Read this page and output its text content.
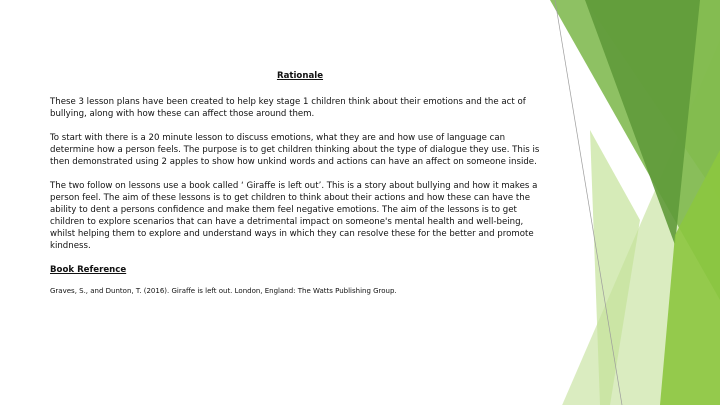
Rationale

These 3 lesson plans have been created to help key stage 1 children think about their emotions and the act of bullying, along with how these can affect those around them.

To start with there is a 20 minute lesson to discuss emotions, what they are and how use of language can determine how a person feels. The purpose is to get children thinking about the type of dialogue they use. This is then demonstrated using 2 apples to show how unkind words and actions can have an affect on someone inside.

The two follow on lessons use a book called ‘ Giraffe is left out’. This is a story about bullying and how it makes a person feel. The aim of these lessons is to get children to think about their actions and how these can have the ability to dent a persons confidence and make them feel negative emotions. The aim of the lessons is to get children to explore scenarios that can have a detrimental impact on someone's mental health and well-being, whilst helping them to explore and understand ways in which they can resolve these for the better and promote kindness.

Book Reference
Graves, S., and Dunton, T. (2016). Giraffe is left out. London, England: The Watts Publishing Group.
